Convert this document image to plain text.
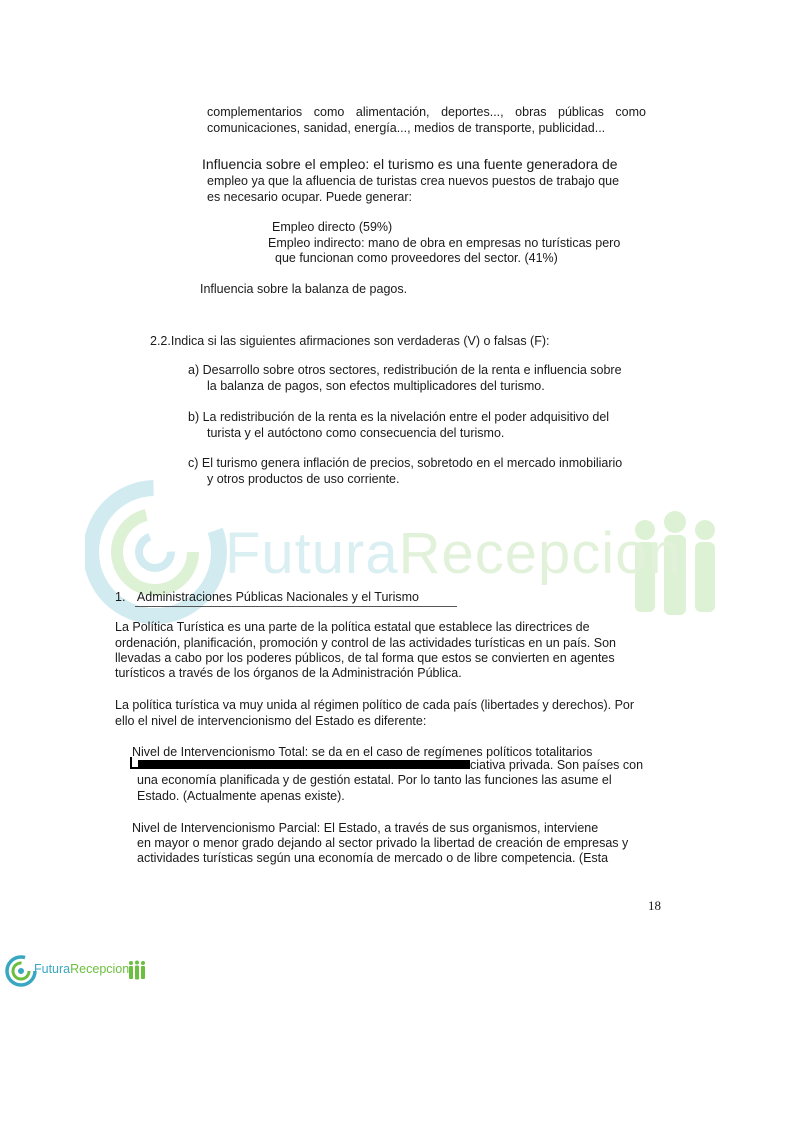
complementarios como alimentación, deportes..., obras públicas como
comunicaciones, sanidad, energía..., medios de transporte, publicidad...
Influencia sobre el empleo: el turismo es una fuente generadora de
empleo ya que la afluencia de turistas crea nuevos puestos de trabajo que
es necesario ocupar. Puede generar:
Empleo directo (59%)
Empleo indirecto: mano de obra en empresas no turísticas pero
que funcionan como proveedores del sector. (41%)
Influencia sobre la balanza de pagos.
2.2.Indica si las siguientes afirmaciones son verdaderas (V) o falsas (F):
a) Desarrollo sobre otros sectores, redistribución de la renta e influencia sobre
la balanza de pagos, son efectos multiplicadores del turismo.
b) La redistribución de la renta es la nivelación entre el poder adquisitivo del
turista y el autóctono como consecuencia del turismo.
c) El turismo genera inflación de precios, sobretodo en el mercado inmobiliario
y otros productos de uso corriente.
FuturaRecepcion
1. Administraciones Públicas Nacionales y el Turismo
La Política Turística es una parte de la política estatal que establece las directrices de
ordenación, planificación, promoción y control de las actividades turísticas en un país. Son
llevadas a cabo por los poderes públicos, de tal forma que estos se convierten en agentes
turísticos a través de los órganos de la Administración Pública.
La política turística va muy unida al régimen político de cada país (libertades y derechos). Por
ello el nivel de intervencionismo del Estado es diferente:
Nivel de Intervencionismo Total: se da en el caso de regímenes políticos totalitarios
ciativa privada. Son países con
una economía planificada y de gestión estatal. Por lo tanto las funciones las asume el
Estado. (Actualmente apenas existe).
Nivel de Intervencionismo Parcial: El Estado, a través de sus organismos, interviene
en mayor o menor grado dejando al sector privado la libertad de creación de empresas y
actividades turísticas según una economía de mercado o de libre competencia. (Esta
18
FuturaRecepcion
